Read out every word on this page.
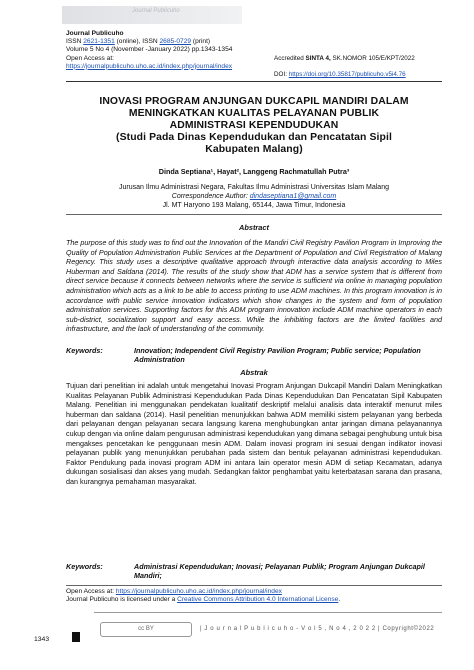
Journal Publicuho
Journal Publicuho
ISSN 2621-1351 (online), ISSN 2685-0729 (print)
Volume 5 No 4 (November -January 2022) pp.1343-1354
Open Access at:
https://journalpublicuho.uho.ac.id/index.php/journal/index
Accredited SINTA 4, SK.NOMOR 105/E/KPT/2022
DOI: https://doi.org/10.35817/publicuho.v5i4.76
INOVASI PROGRAM ANJUNGAN DUKCAPIL MANDIRI DALAM
MENINGKATKAN KUALITAS PELAYANAN PUBLIK
ADMINISTRASI KEPENDUDUKAN
(Studi Pada Dinas Kependudukan dan Pencatatan Sipil
Kabupaten Malang)
Dinda Septiana¹, Hayat², Langgeng Rachmatullah Putra³
Jurusan Ilmu Administrasi Negara, Fakultas Ilmu Administrasi Universitas Islam Malang
Correspondence Author: dindaseptiana1@gmail.com
Jl. MT Haryono 193 Malang, 65144, Jawa Timur, Indonesia
Abstract
The purpose of this study was to find out the Innovation of the Mandiri Civil Registry Pavilion Program in Improving the Quality of Population Administration Public Services at the Department of Population and Civil Registration of Malang Regency. This study uses a descriptive qualitative approach through interactive data analysis according to Miles Huberman and Saldana (2014). The results of the study show that ADM has a service system that is different from direct service because it connects between networks where the service is sufficient via online in managing population administration which acts as a link to be able to access printing to use ADM machines. In this program innovation is in accordance with public service innovation indicators which show changes in the system and form of population administration services. Supporting factors for this ADM program innovation include ADM machine operators in each sub-district, socialization support and easy access. While the inhibiting factors are the limited facilities and infrastructure, and the lack of understanding of the community.
Keywords:	Innovation; Independent Civil Registry Pavilion Program; Public service; Population Administration
Abstrak
Tujuan dari penelitian ini adalah untuk mengetahui Inovasi Program Anjungan Dukcapil Mandiri Dalam Meningkatkan Kualitas Pelayanan Publik Administrasi Kependudukan Pada Dinas Kependudukan Dan Pencatatan Sipil Kabupaten Malang. Penelitian ini menggunakan pendekatan kualitatif deskriptif melalui analisis data interaktif menurut miles huberman dan saldana (2014). Hasil penelitian menunjukkan bahwa ADM memiliki sistem pelayanan yang berbeda dari pelayanan dengan pelayanan secara langsung karena menghubungkan antar jaringan dimana pelayanannya cukup dengan via online dalam pengurusan administrasi kependudukan yang dimana sebagai penghubung untuk bisa mengakses pencetakan ke penggunaan mesin ADM. Dalam inovasi program ini sesuai dengan indikator inovasi pelayanan publik yang menunjukkan perubahan pada sistem dan bentuk pelayanan administrasi kependudukan. Faktor Pendukung pada inovasi program ADM ini antara lain operator mesin ADM di setiap Kecamatan, adanya dukungan sosialisasi dan akses yang mudah. Sedangkan faktor penghambat yaitu keterbatasan sarana dan prasana, dan kurangnya pemahaman masyarakat.
Keywords:	Administrasi Kependudukan; Inovasi; Pelayanan Publik; Program Anjungan Dukcapil Mandiri;
Open Access at: https://journalpublicuho.uho.ac.id/index.php/journal/index
Journal Publicuho is licensed under a Creative Commons Attribution 4.0 International License.
1343
cc BY	| J o u r n a l P u b l i c u h o - V o l 5 , N o 4 , 2 0 2 2 | Copyright©2022
